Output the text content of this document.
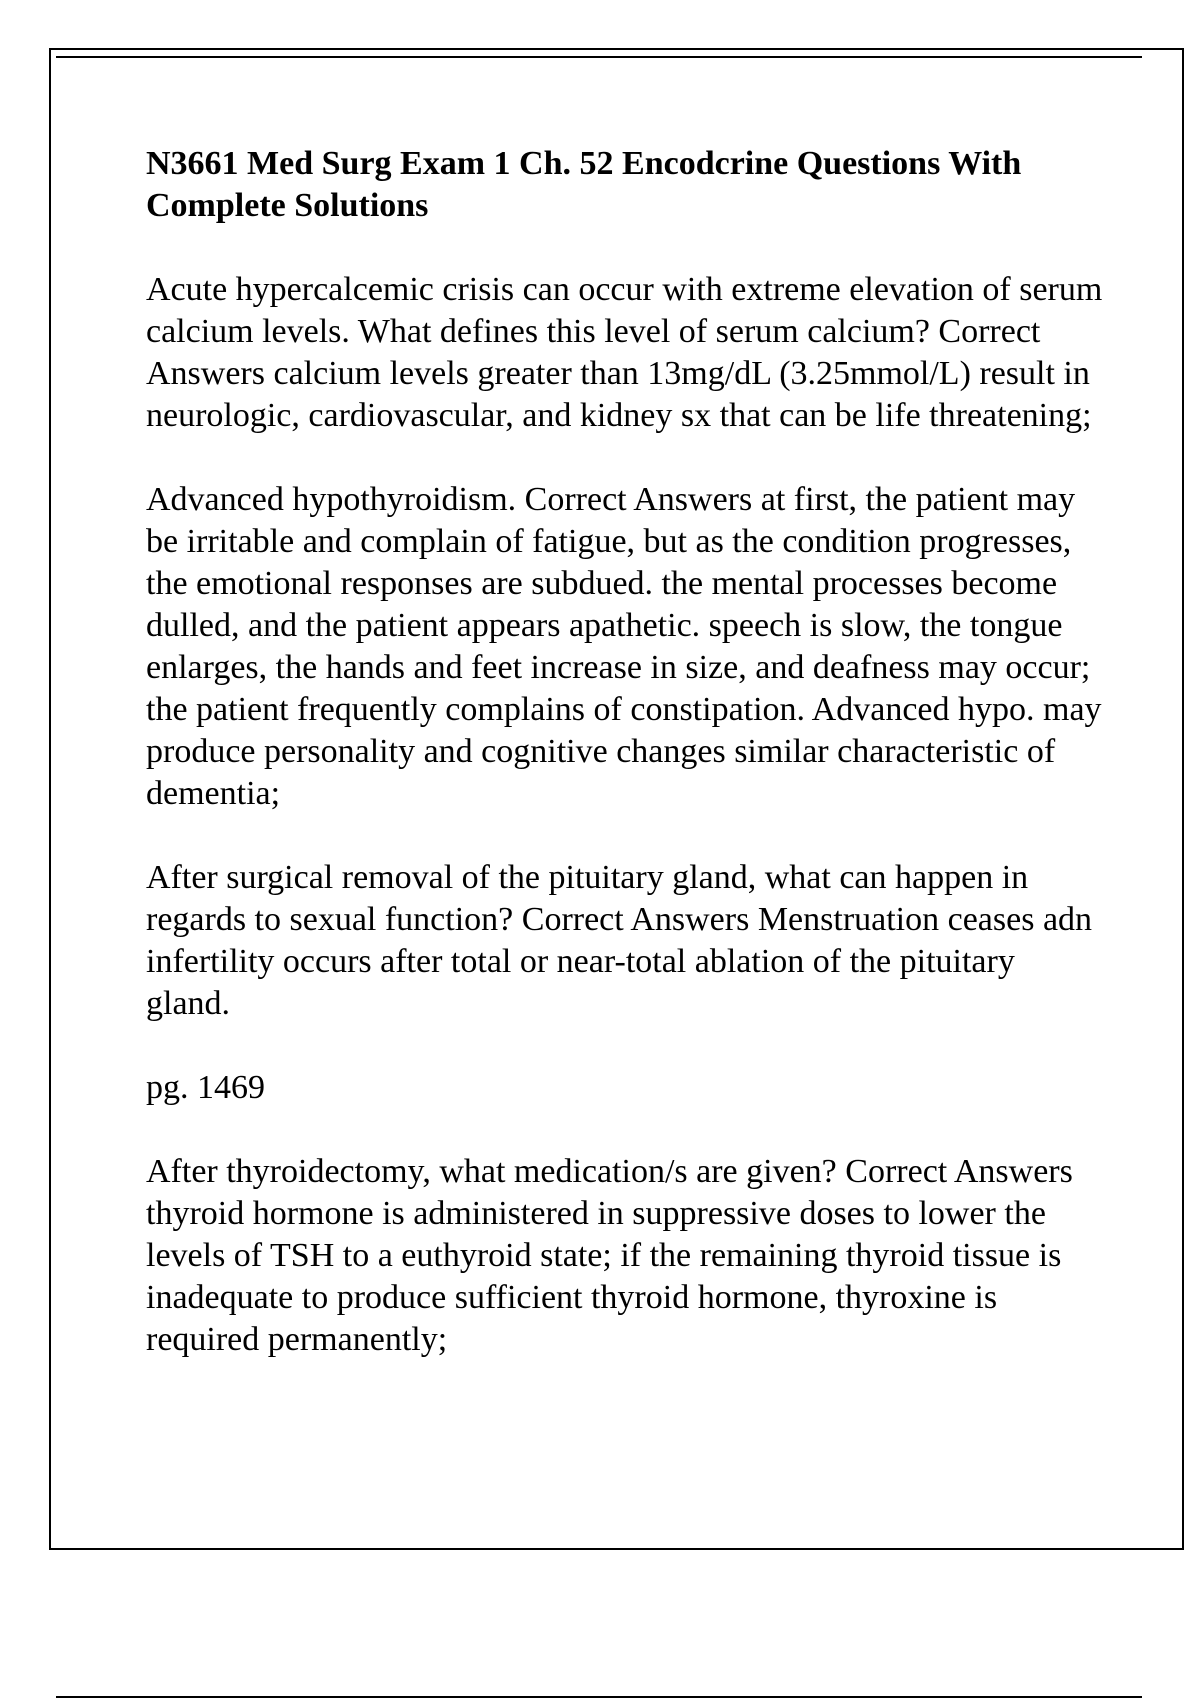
N3661 Med Surg Exam 1 Ch. 52 Encodcrine Questions With Complete Solutions

Acute hypercalcemic crisis can occur with extreme elevation of serum calcium levels. What defines this level of serum calcium? Correct Answers calcium levels greater than 13mg/dL (3.25mmol/L) result in neurologic, cardiovascular, and kidney sx that can be life threatening;

Advanced hypothyroidism. Correct Answers at first, the patient may be irritable and complain of fatigue, but as the condition progresses, the emotional responses are subdued. the mental processes become dulled, and the patient appears apathetic. speech is slow, the tongue enlarges, the hands and feet increase in size, and deafness may occur; the patient frequently complains of constipation. Advanced hypo. may produce personality and cognitive changes similar characteristic of dementia;

After surgical removal of the pituitary gland, what can happen in regards to sexual function? Correct Answers Menstruation ceases adn infertility occurs after total or near-total ablation of the pituitary gland.

pg. 1469

After thyroidectomy, what medication/s are given? Correct Answers thyroid hormone is administered in suppressive doses to lower the levels of TSH to a euthyroid state; if the remaining thyroid tissue is inadequate to produce sufficient thyroid hormone, thyroxine is required permanently;
